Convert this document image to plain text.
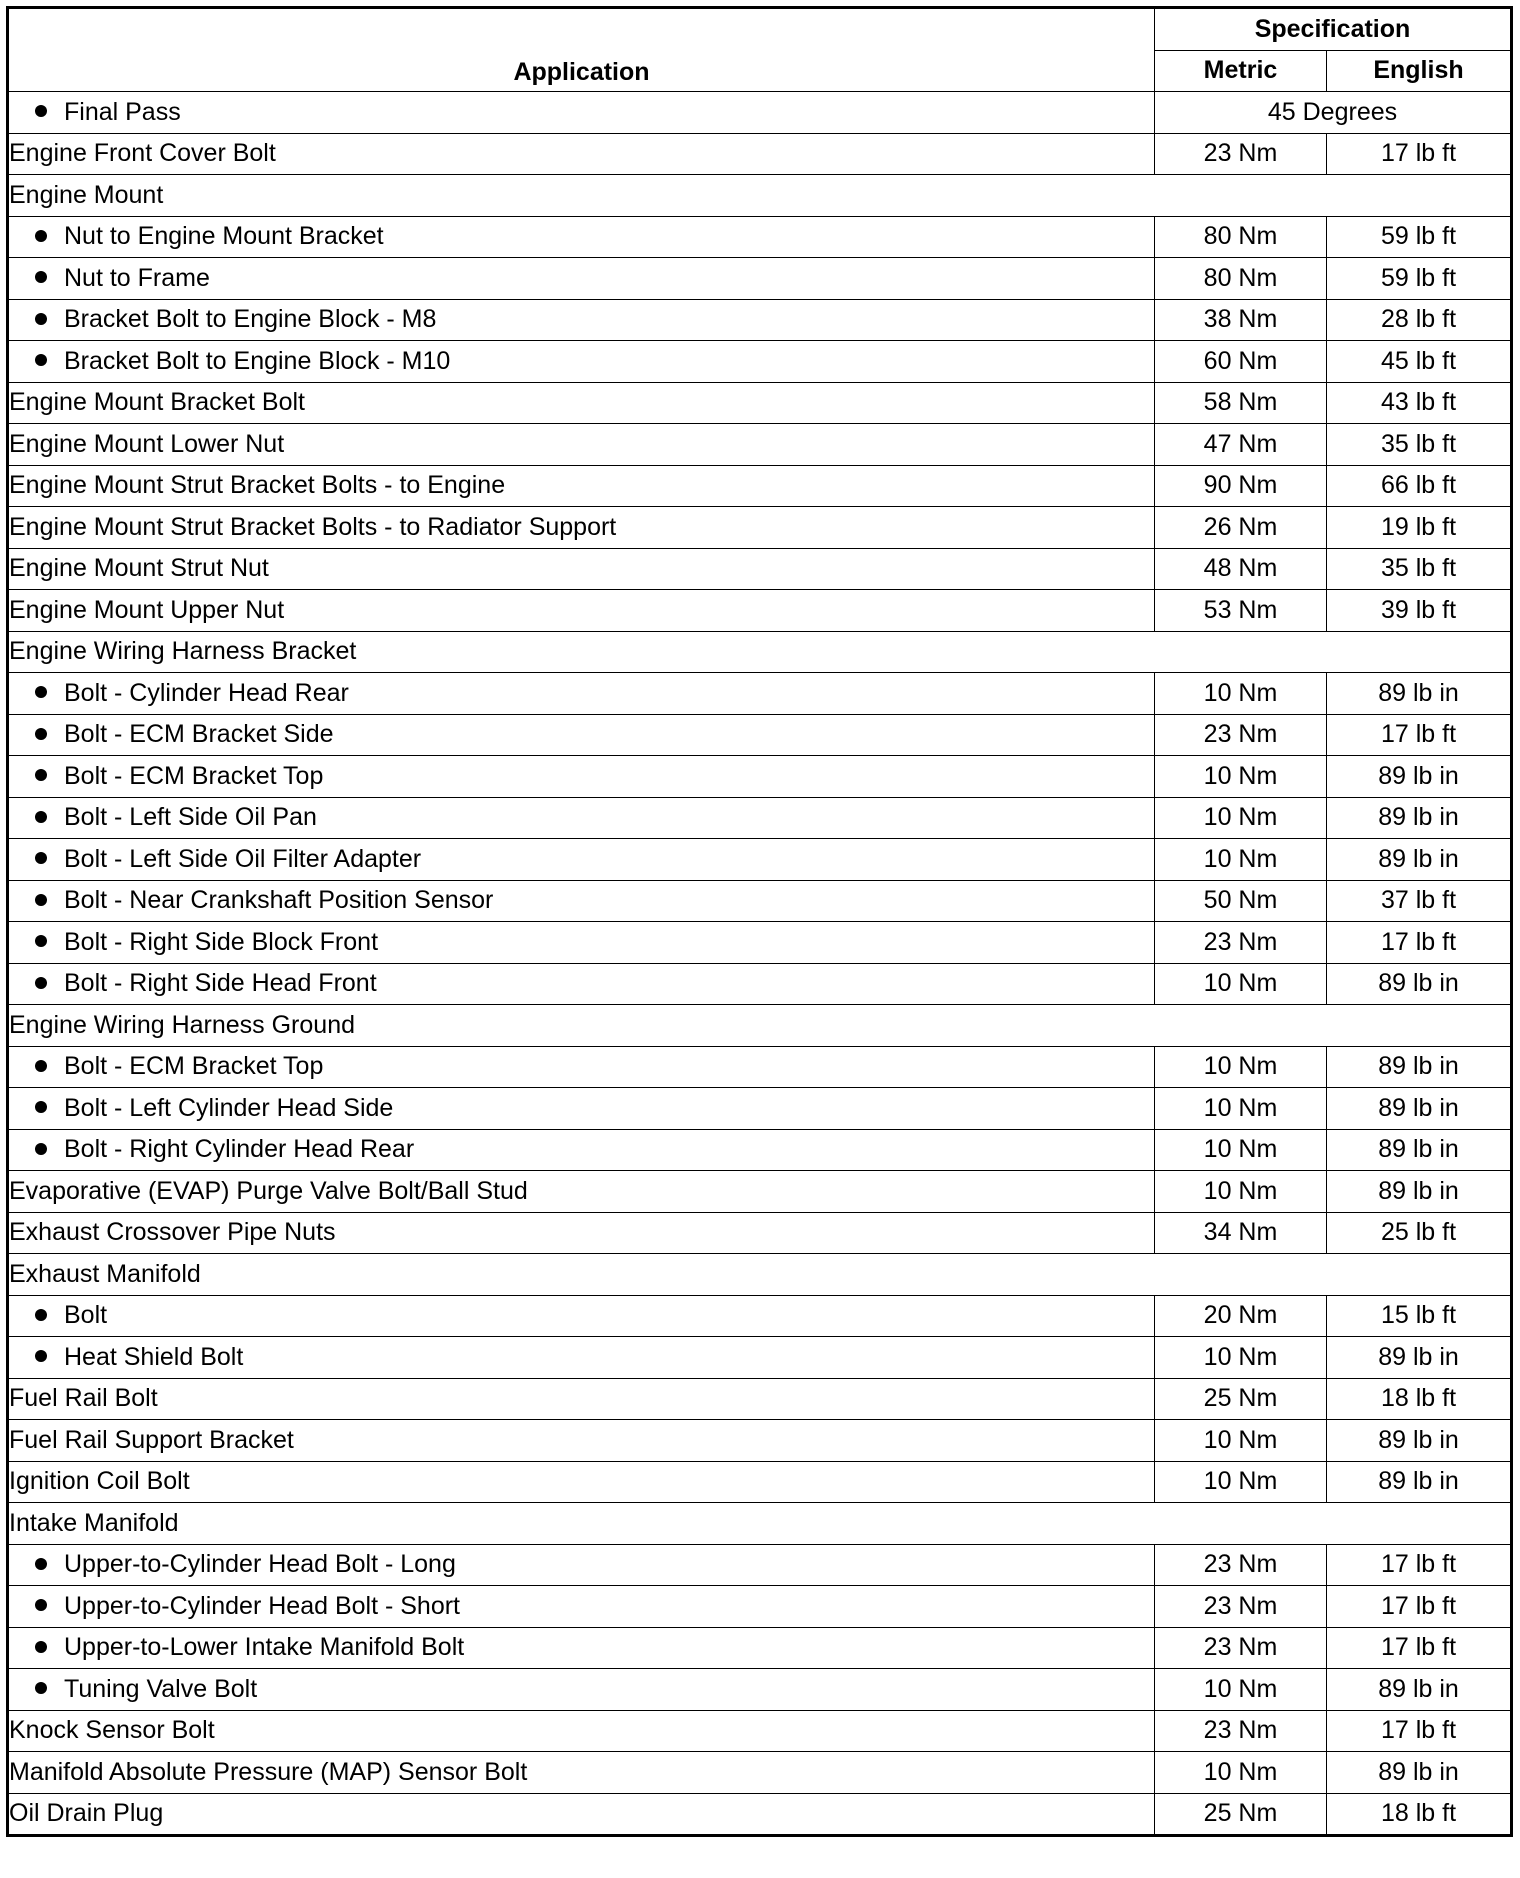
Application	Specification	
	Metric	English
Final Pass	45 Degrees	
Engine Front Cover Bolt	23 Nm	17 lb ft
Engine Mount		
Nut to Engine Mount Bracket	80 Nm	59 lb ft
Nut to Frame	80 Nm	59 lb ft
Bracket Bolt to Engine Block - M8	38 Nm	28 lb ft
Bracket Bolt to Engine Block - M10	60 Nm	45 lb ft
Engine Mount Bracket Bolt	58 Nm	43 lb ft
Engine Mount Lower Nut	47 Nm	35 lb ft
Engine Mount Strut Bracket Bolts - to Engine	90 Nm	66 lb ft
Engine Mount Strut Bracket Bolts - to Radiator Support	26 Nm	19 lb ft
Engine Mount Strut Nut	48 Nm	35 lb ft
Engine Mount Upper Nut	53 Nm	39 lb ft
Engine Wiring Harness Bracket		
Bolt - Cylinder Head Rear	10 Nm	89 lb in
Bolt - ECM Bracket Side	23 Nm	17 lb ft
Bolt - ECM Bracket Top	10 Nm	89 lb in
Bolt - Left Side Oil Pan	10 Nm	89 lb in
Bolt - Left Side Oil Filter Adapter	10 Nm	89 lb in
Bolt - Near Crankshaft Position Sensor	50 Nm	37 lb ft
Bolt - Right Side Block Front	23 Nm	17 lb ft
Bolt - Right Side Head Front	10 Nm	89 lb in
Engine Wiring Harness Ground		
Bolt - ECM Bracket Top	10 Nm	89 lb in
Bolt - Left Cylinder Head Side	10 Nm	89 lb in
Bolt - Right Cylinder Head Rear	10 Nm	89 lb in
Evaporative (EVAP) Purge Valve Bolt/Ball Stud	10 Nm	89 lb in
Exhaust Crossover Pipe Nuts	34 Nm	25 lb ft
Exhaust Manifold		
Bolt	20 Nm	15 lb ft
Heat Shield Bolt	10 Nm	89 lb in
Fuel Rail Bolt	25 Nm	18 lb ft
Fuel Rail Support Bracket	10 Nm	89 lb in
Ignition Coil Bolt	10 Nm	89 lb in
Intake Manifold		
Upper-to-Cylinder Head Bolt - Long	23 Nm	17 lb ft
Upper-to-Cylinder Head Bolt - Short	23 Nm	17 lb ft
Upper-to-Lower Intake Manifold Bolt	23 Nm	17 lb ft
Tuning Valve Bolt	10 Nm	89 lb in
Knock Sensor Bolt	23 Nm	17 lb ft
Manifold Absolute Pressure (MAP) Sensor Bolt	10 Nm	89 lb in
Oil Drain Plug	25 Nm	18 lb ft
